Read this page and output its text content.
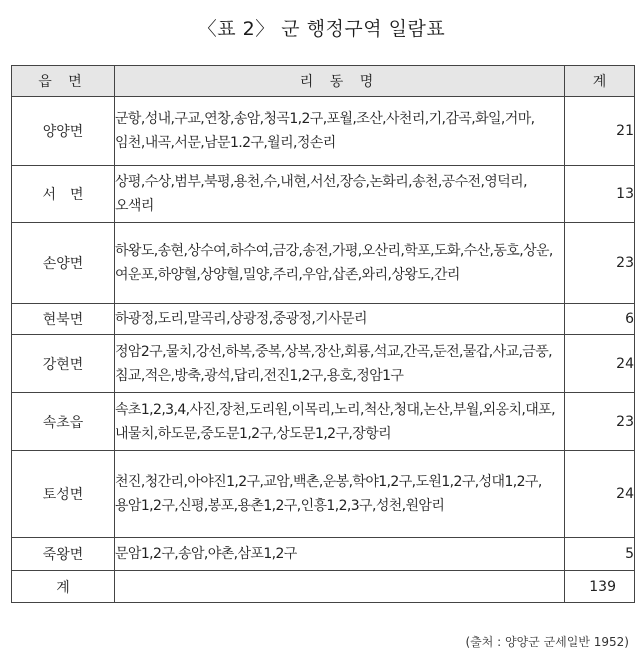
〈표 2〉 군 행정구역 일람표
읍 면	리 동 명	계
양양면	군항,성내,구교,연창,송암,청곡1,2구,포월,조산,사천리,기,감곡,화일,거마,임천,내곡,서문,남문1.2구,월리,정손리	21
서　면	상평,수상,범부,북평,용천,수,내현,서선,장승,논화리,송천,공수전,영덕리,오색리	13
손양면	하왕도,송현,상수여,하수여,금강,송전,가평,오산리,학포,도화,수산,동호,상운,여운포,하양혈,상양혈,밀양,주리,우암,삽존,와리,상왕도,간리	23
현북면	하광정,도리,말곡리,상광정,중광정,기사문리	6
강현면	정암2구,물치,강선,하복,중복,상복,장산,회룡,석교,간곡,둔전,물갑,사교,금풍,침교,적은,방축,광석,답리,전진1,2구,용호,정암1구	24
속초읍	속초1,2,3,4,사진,장천,도리원,이목리,노리,척산,청대,논산,부월,외옹치,대포,내물치,하도문,중도문1,2구,상도문1,2구,장항리	23
토성면	천진,청간리,아야진1,2구,교암,백촌,운봉,학야1,2구,도원1,2구,성대1,2구,용암1,2구,신평,봉포,용촌1,2구,인흥1,2,3구,성천,원암리	24
죽왕면	문암1,2구,송암,야촌,삼포1,2구	5
계		139
(출처 : 양양군 군세일반 1952)
